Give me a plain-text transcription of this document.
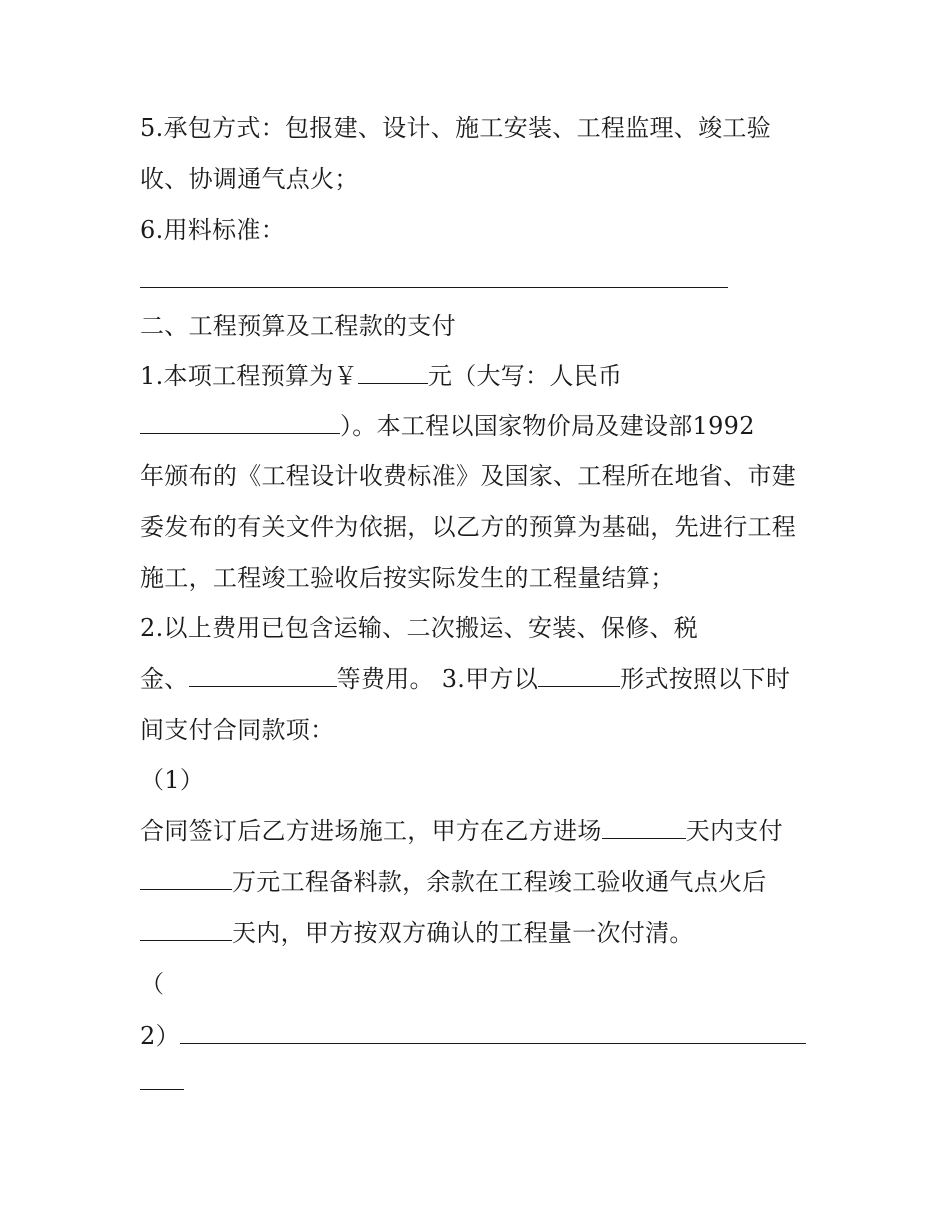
5.承包方式：包报建、设计、施工安装、工程监理、竣工验
收、协调通气点火；
6.用料标准：
二、工程预算及工程款的支付
1.本项工程预算为￥	元（大写：人民币
）。本工程以国家物价局及建设部1992
年颁布的《工程设计收费标准》及国家、工程所在地省、市建
委发布的有关文件为依据，以乙方的预算为基础，先进行工程
施工，工程竣工验收后按实际发生的工程量结算；
2.以上费用已包含运输、二次搬运、安装、保修、税
金、	等费用。 3.甲方以	形式按照以下时
间支付合同款项：
（1）
合同签订后乙方进场施工，甲方在乙方进场	天内支付
万元工程备料款，余款在工程竣工验收通气点火后
天内，甲方按双方确认的工程量一次付清。
（
2）
